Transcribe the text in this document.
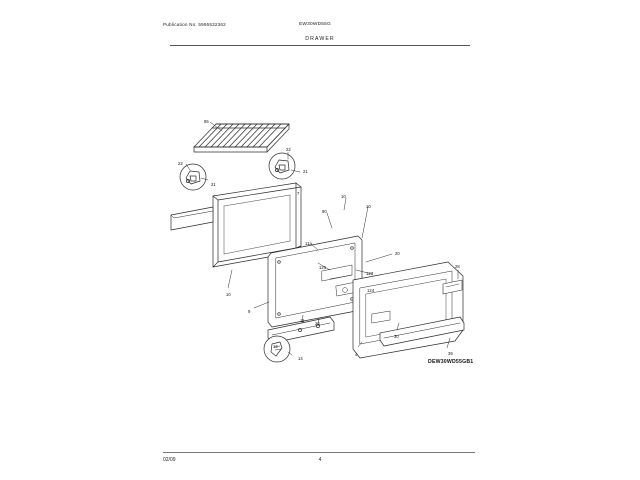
Publication No. 5995532362	EW30WD55G
DRAWER
85
22
22
21
21
7
10
10
90
11a
20
10
125
123
124
28
9
11
26
12
14
4
30
39
DEW30WD55GB1
02/09	4
